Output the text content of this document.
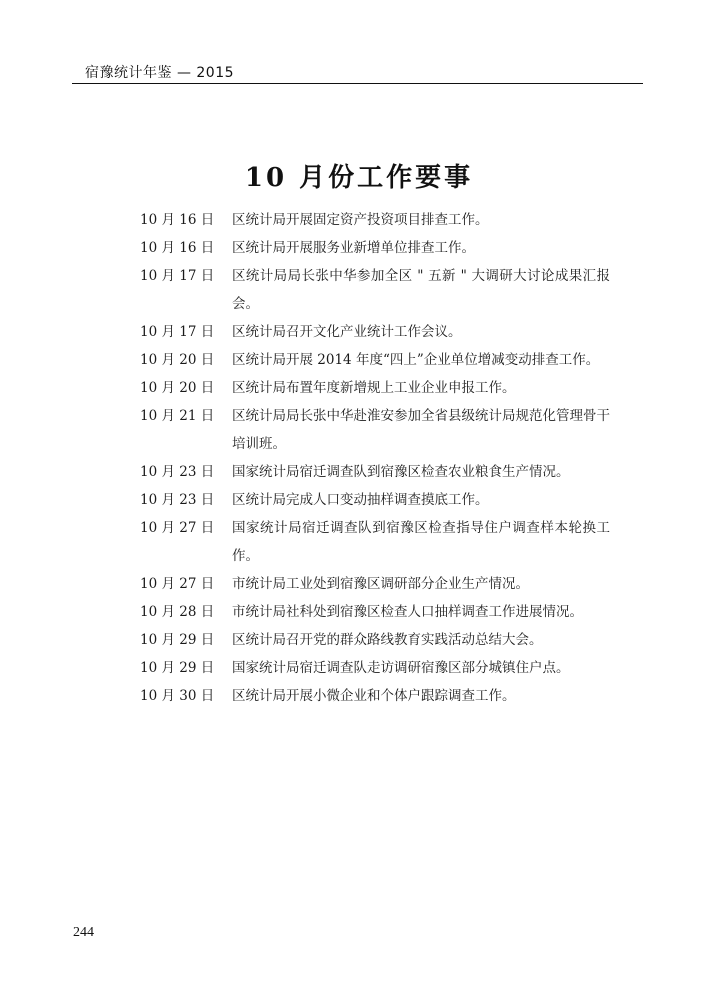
宿豫统计年鉴 — 2015
10 月份工作要事
10 月 16 日	区统计局开展固定资产投资项目排查工作。
10 月 16 日	区统计局开展服务业新增单位排查工作。
10 月 17 日	区统计局局长张中华参加全区 " 五新 " 大调研大讨论成果汇报会。
10 月 17 日	区统计局召开文化产业统计工作会议。
10 月 20 日	区统计局开展 2014 年度“四上”企业单位增减变动排查工作。
10 月 20 日	区统计局布置年度新增规上工业企业申报工作。
10 月 21 日	区统计局局长张中华赴淮安参加全省县级统计局规范化管理骨干培训班。
10 月 23 日	国家统计局宿迁调查队到宿豫区检查农业粮食生产情况。
10 月 23 日	区统计局完成人口变动抽样调查摸底工作。
10 月 27 日	国家统计局宿迁调查队到宿豫区检查指导住户调查样本轮换工作。
10 月 27 日	市统计局工业处到宿豫区调研部分企业生产情况。
10 月 28 日	市统计局社科处到宿豫区检查人口抽样调查工作进展情况。
10 月 29 日	区统计局召开党的群众路线教育实践活动总结大会。
10 月 29 日	国家统计局宿迁调查队走访调研宿豫区部分城镇住户点。
10 月 30 日	区统计局开展小微企业和个体户跟踪调查工作。
244
